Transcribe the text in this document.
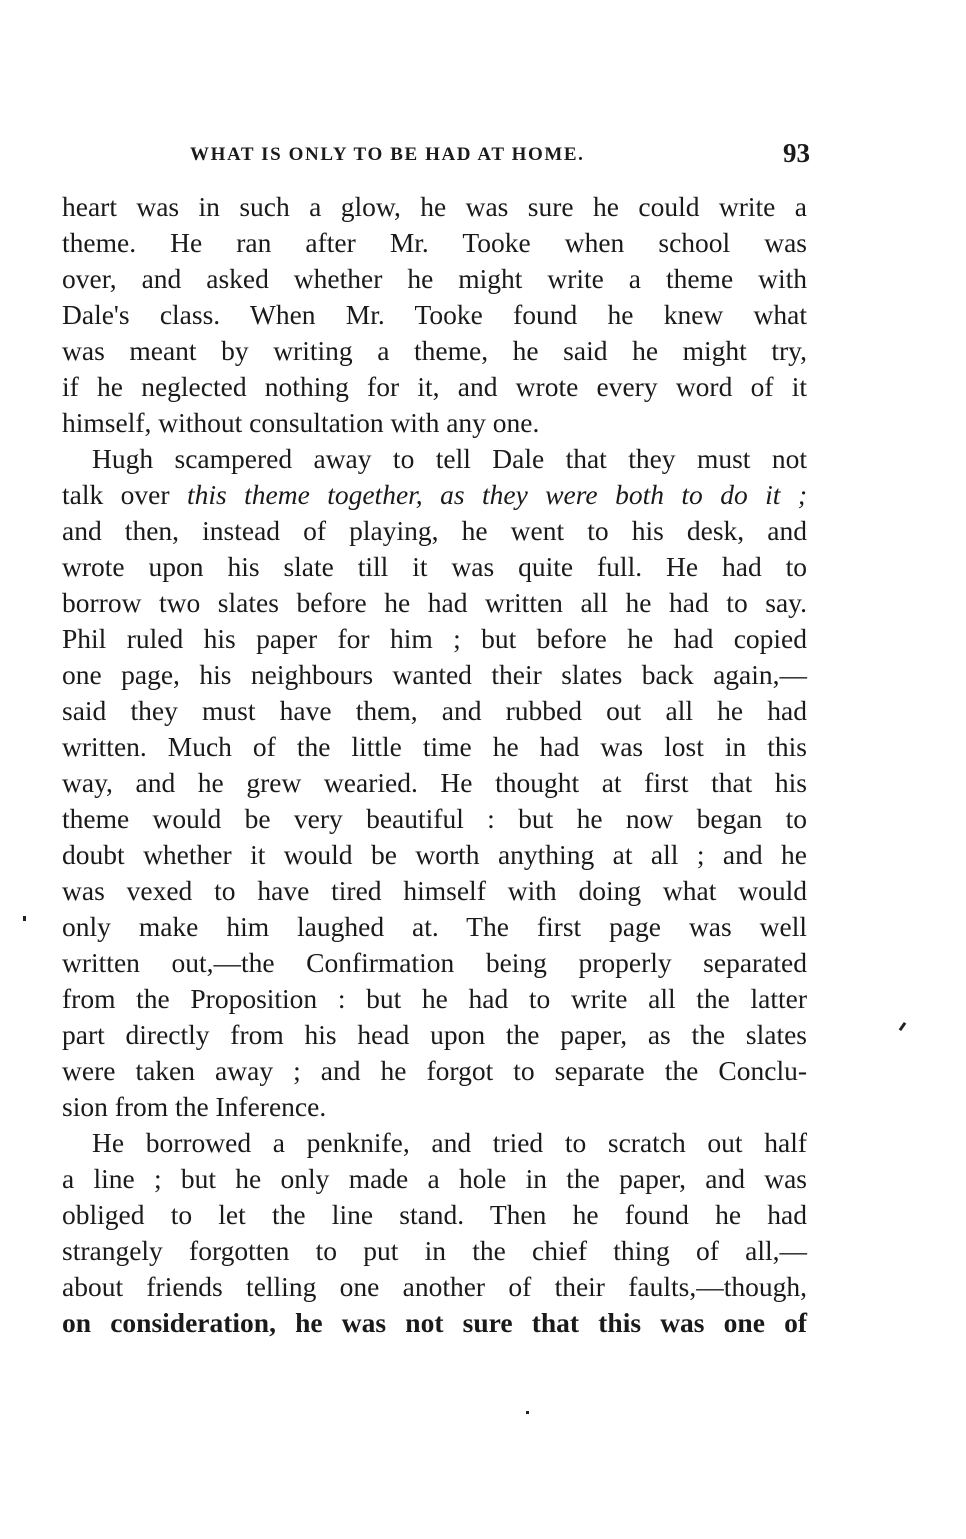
WHAT IS ONLY TO BE HAD AT HOME.	93
heart was in such a glow, he was sure he could write a
theme. He ran after Mr. Tooke when school was
over, and asked whether he might write a theme with
Dale's class. When Mr. Tooke found he knew what
was meant by writing a theme, he said he might try,
if he neglected nothing for it, and wrote every word of it
himself, without consultation with any one.
Hugh scampered away to tell Dale that they must not
talk over this theme together, as they were both to do it ;
and then, instead of playing, he went to his desk, and
wrote upon his slate till it was quite full. He had to
borrow two slates before he had written all he had to say.
Phil ruled his paper for him ; but before he had copied
one page, his neighbours wanted their slates back again,—
said they must have them, and rubbed out all he had
written. Much of the little time he had was lost in this
way, and he grew wearied. He thought at first that his
theme would be very beautiful : but he now began to
doubt whether it would be worth anything at all ; and he
was vexed to have tired himself with doing what would
only make him laughed at. The first page was well
written out,—the Confirmation being properly separated
from the Proposition : but he had to write all the latter
part directly from his head upon the paper, as the slates
were taken away ; and he forgot to separate the Conclu-
sion from the Inference.
He borrowed a penknife, and tried to scratch out half
a line ; but he only made a hole in the paper, and was
obliged to let the line stand. Then he found he had
strangely forgotten to put in the chief thing of all,—
about friends telling one another of their faults,—though,
on consideration, he was not sure that this was one of
